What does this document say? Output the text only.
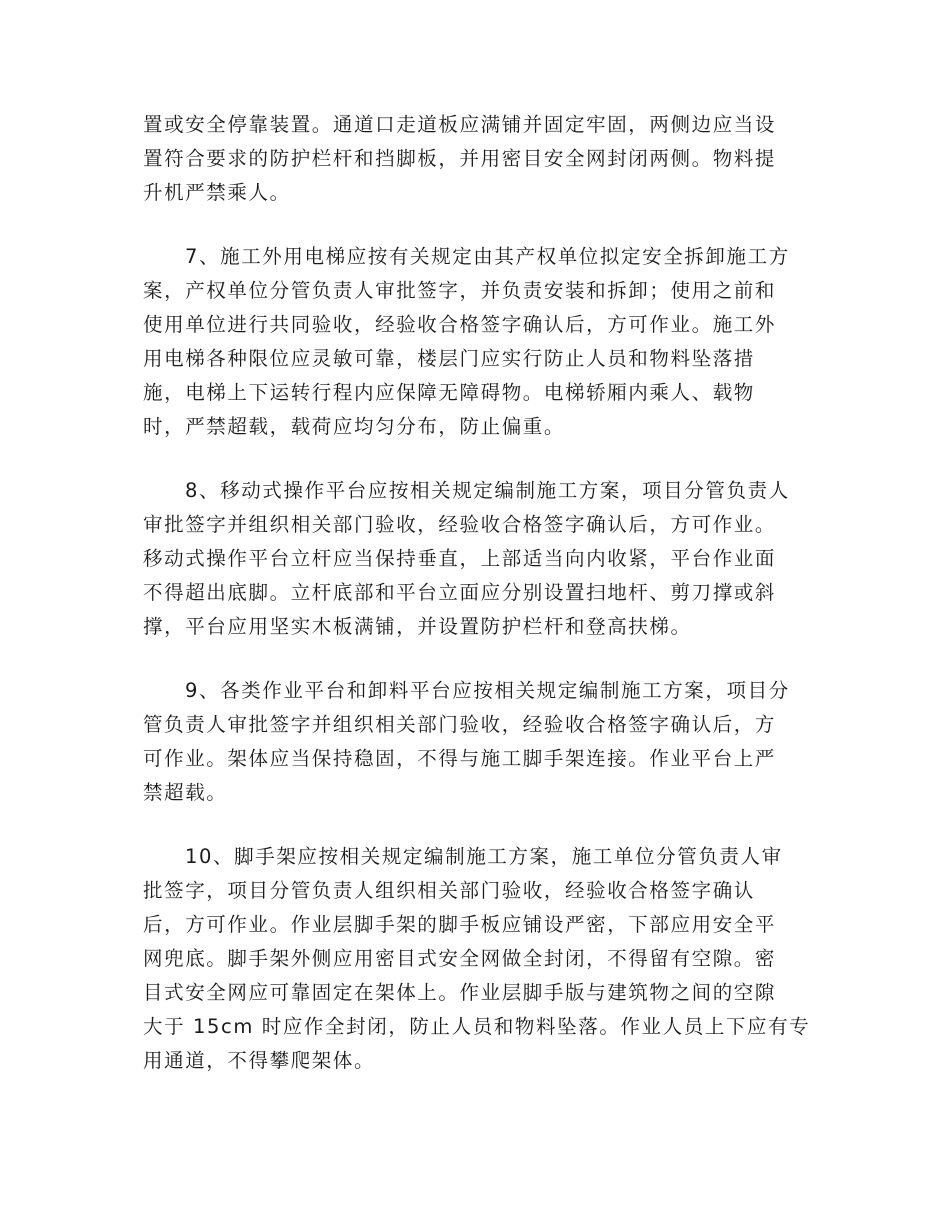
置或安全停靠装置。通道口走道板应满铺并固定牢固，两侧边应当设
置符合要求的防护栏杆和挡脚板，并用密目安全网封闭两侧。物料提
升机严禁乘人。
7、施工外用电梯应按有关规定由其产权单位拟定安全拆卸施工方
案，产权单位分管负责人审批签字，并负责安装和拆卸；使用之前和
使用单位进行共同验收，经验收合格签字确认后，方可作业。施工外
用电梯各种限位应灵敏可靠，楼层门应实行防止人员和物料坠落措
施，电梯上下运转行程内应保障无障碍物。电梯轿厢内乘人、载物
时，严禁超载，载荷应均匀分布，防止偏重。
8、移动式操作平台应按相关规定编制施工方案，项目分管负责人
审批签字并组织相关部门验收，经验收合格签字确认后，方可作业。
移动式操作平台立杆应当保持垂直，上部适当向内收紧，平台作业面
不得超出底脚。立杆底部和平台立面应分别设置扫地杆、剪刀撑或斜
撑，平台应用坚实木板满铺，并设置防护栏杆和登高扶梯。
9、各类作业平台和卸料平台应按相关规定编制施工方案，项目分
管负责人审批签字并组织相关部门验收，经验收合格签字确认后，方
可作业。架体应当保持稳固，不得与施工脚手架连接。作业平台上严
禁超载。
10、脚手架应按相关规定编制施工方案，施工单位分管负责人审
批签字，项目分管负责人组织相关部门验收，经验收合格签字确认
后，方可作业。作业层脚手架的脚手板应铺设严密，下部应用安全平
网兜底。脚手架外侧应用密目式安全网做全封闭，不得留有空隙。密
目式安全网应可靠固定在架体上。作业层脚手版与建筑物之间的空隙
大于 15cm 时应作全封闭，防止人员和物料坠落。作业人员上下应有专
用通道，不得攀爬架体。
